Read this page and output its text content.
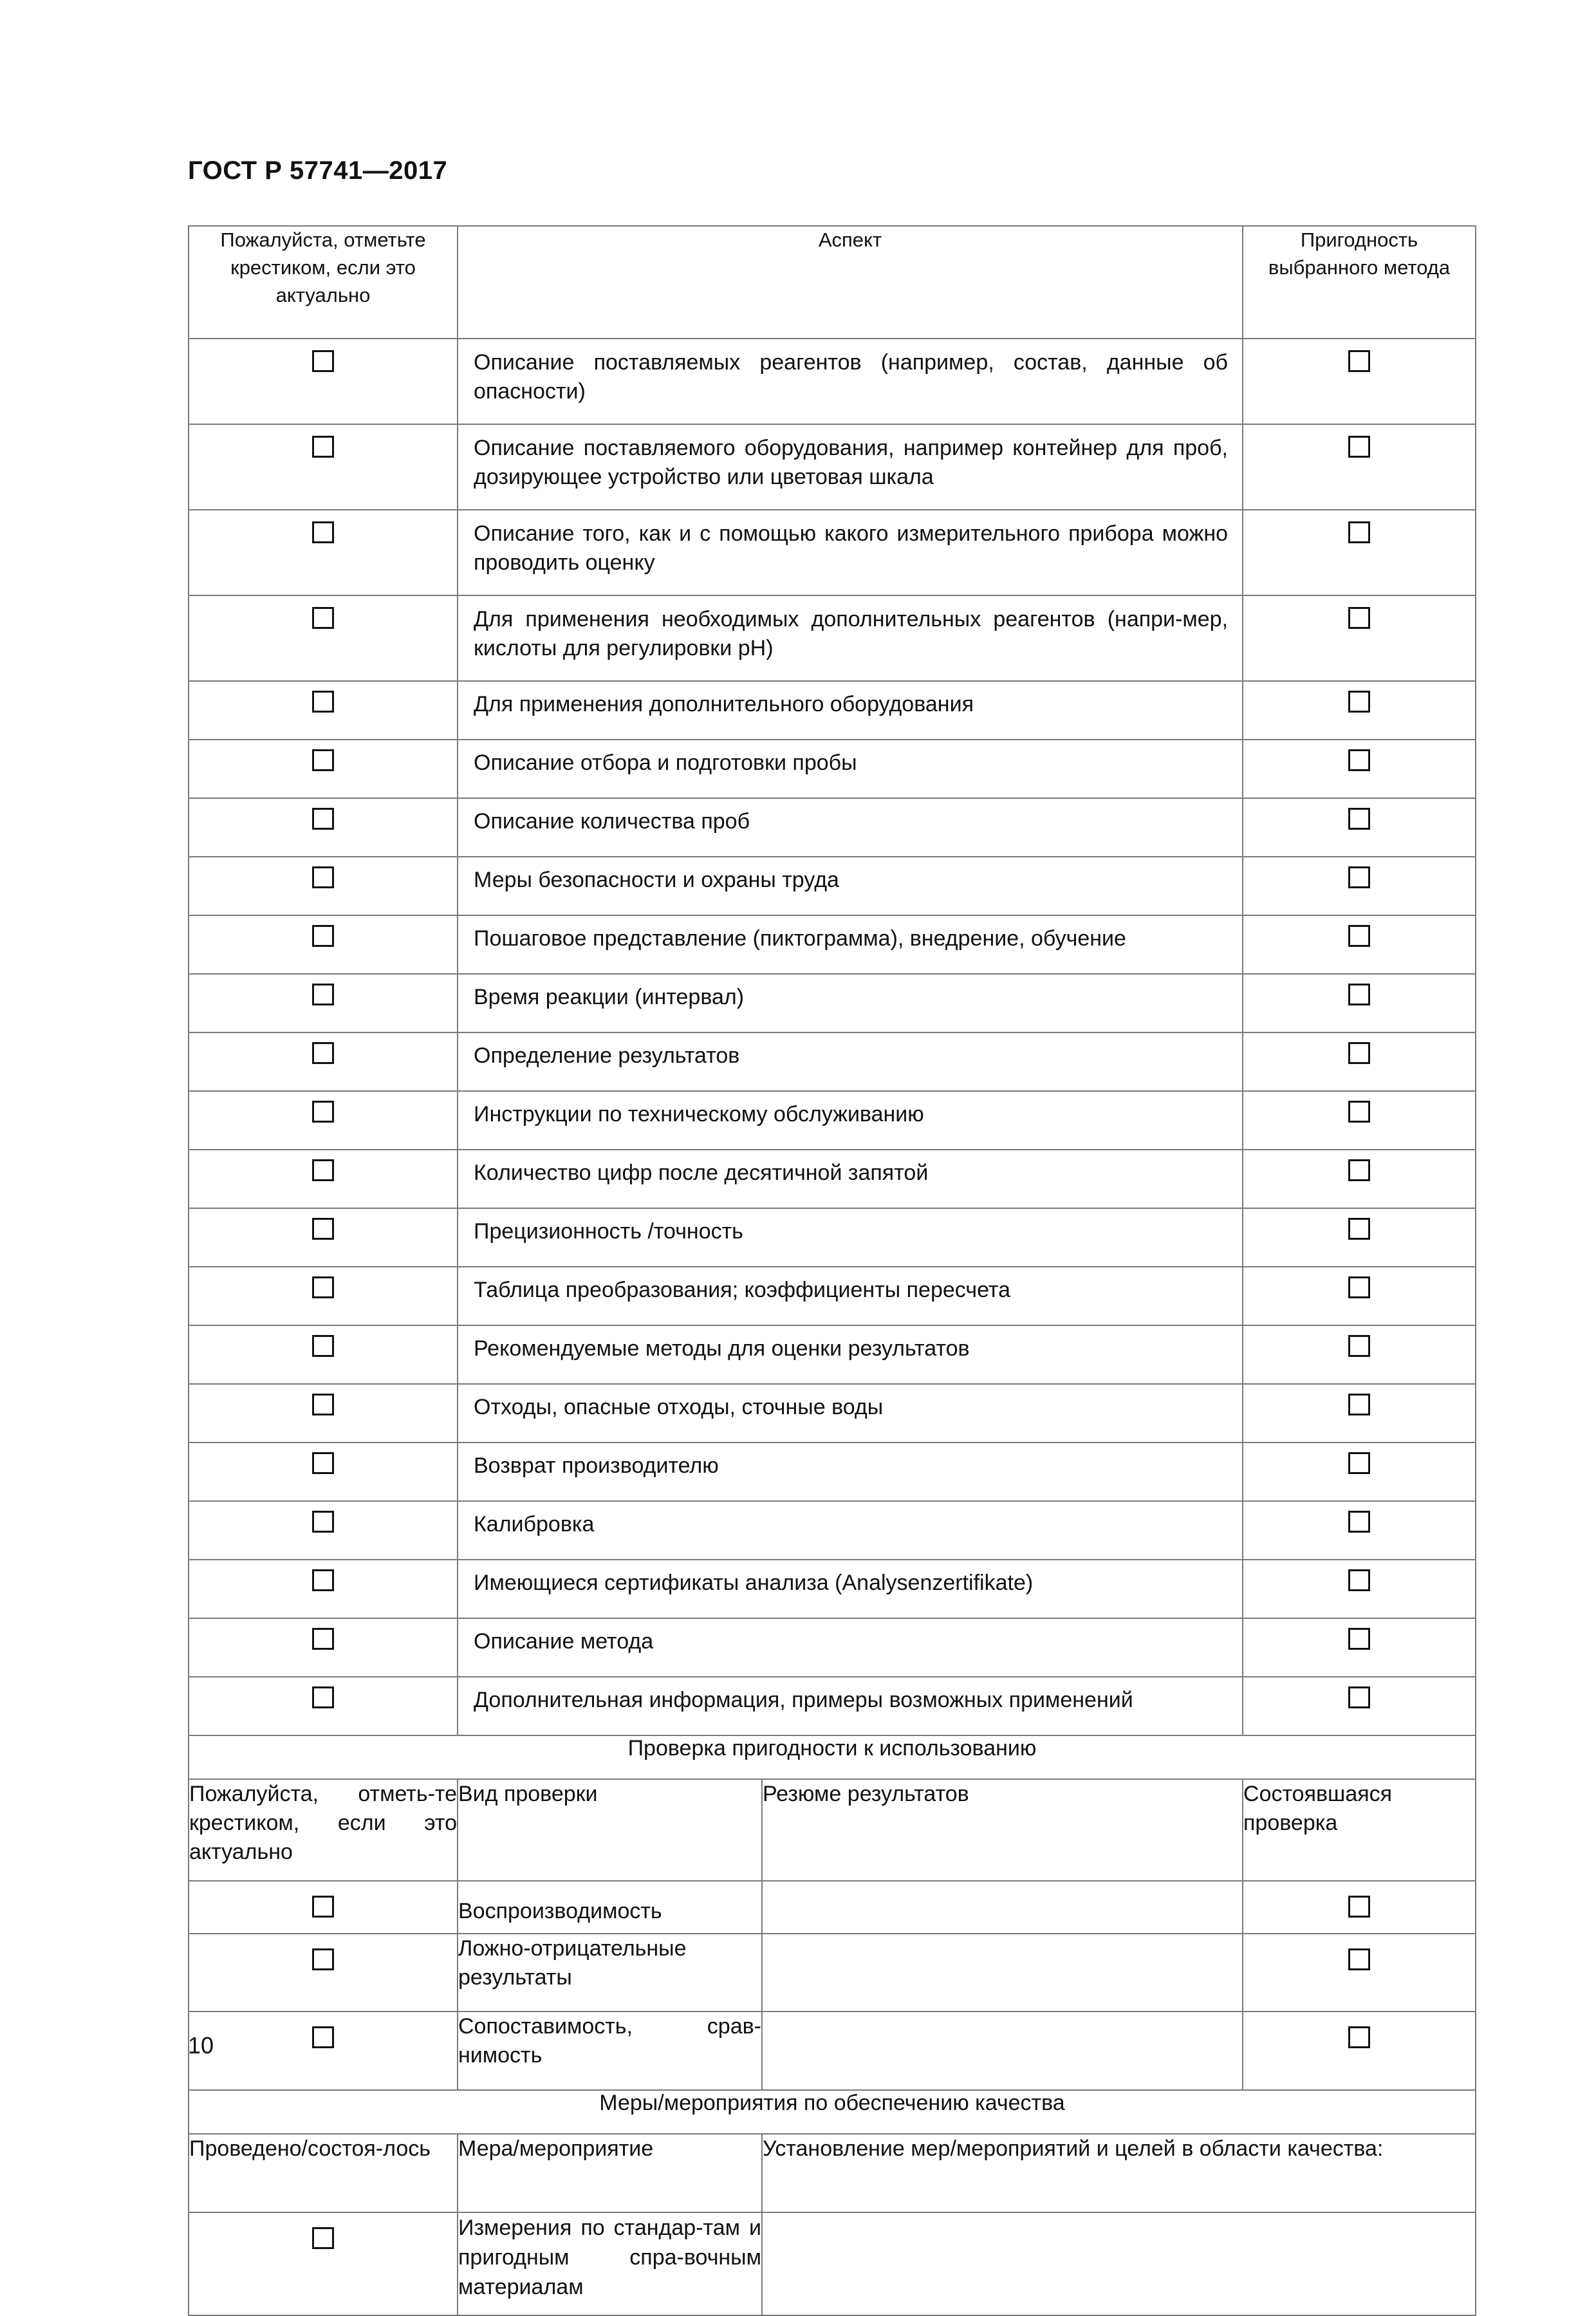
ГОСТ Р 57741—2017
Пожалуйста, отметьте крестиком, если это актуально	Аспект		Пригодность выбранного метода

	Описание поставляемых реагентов (например, состав, данные об опасности)		
	Описание поставляемого оборудования, например контейнер для проб, дозирующее устройство или цветовая шкала		
	Описание того, как и с помощью какого измерительного прибора можно проводить оценку		
	Для применения необходимых дополнительных реагентов (напри-мер, кислоты для регулировки pH)		
	Для применения дополнительного оборудования		
	Описание отбора и подготовки пробы		
	Описание количества проб		
	Меры безопасности и охраны труда		
	Пошаговое представление (пиктограмма), внедрение, обучение		
	Время реакции (интервал)		
	Определение результатов		
	Инструкции по техническому обслуживанию		
	Количество цифр после десятичной запятой		
	Прецизионность /точность		
	Таблица преобразования; коэффициенты пересчета		
	Рекомендуемые методы для оценки результатов		
	Отходы, опасные отходы, сточные воды		
	Возврат производителю		
	Калибровка		
	Имеющиеся сертификаты анализа (Analysenzertifikate)		
	Описание метода		
	Дополнительная информация, примеры возможных применений		
Проверка пригодности к использованию			
Пожалуйста, отметь-те крестиком, если это актуально	Вид проверки	Резюме результатов	Состоявшаяся проверка
	Воспроизводимость		
	Ложно-отрицательные результаты		
	Сопоставимость, срав-нимость		
Меры/мероприятия по обеспечению качества			
Проведено/состоя-лось	Мера/мероприятие	Установление мер/мероприятий и целей в области качества:	
	Измерения по стандар-там и пригодным спра-вочным материалам		
10
